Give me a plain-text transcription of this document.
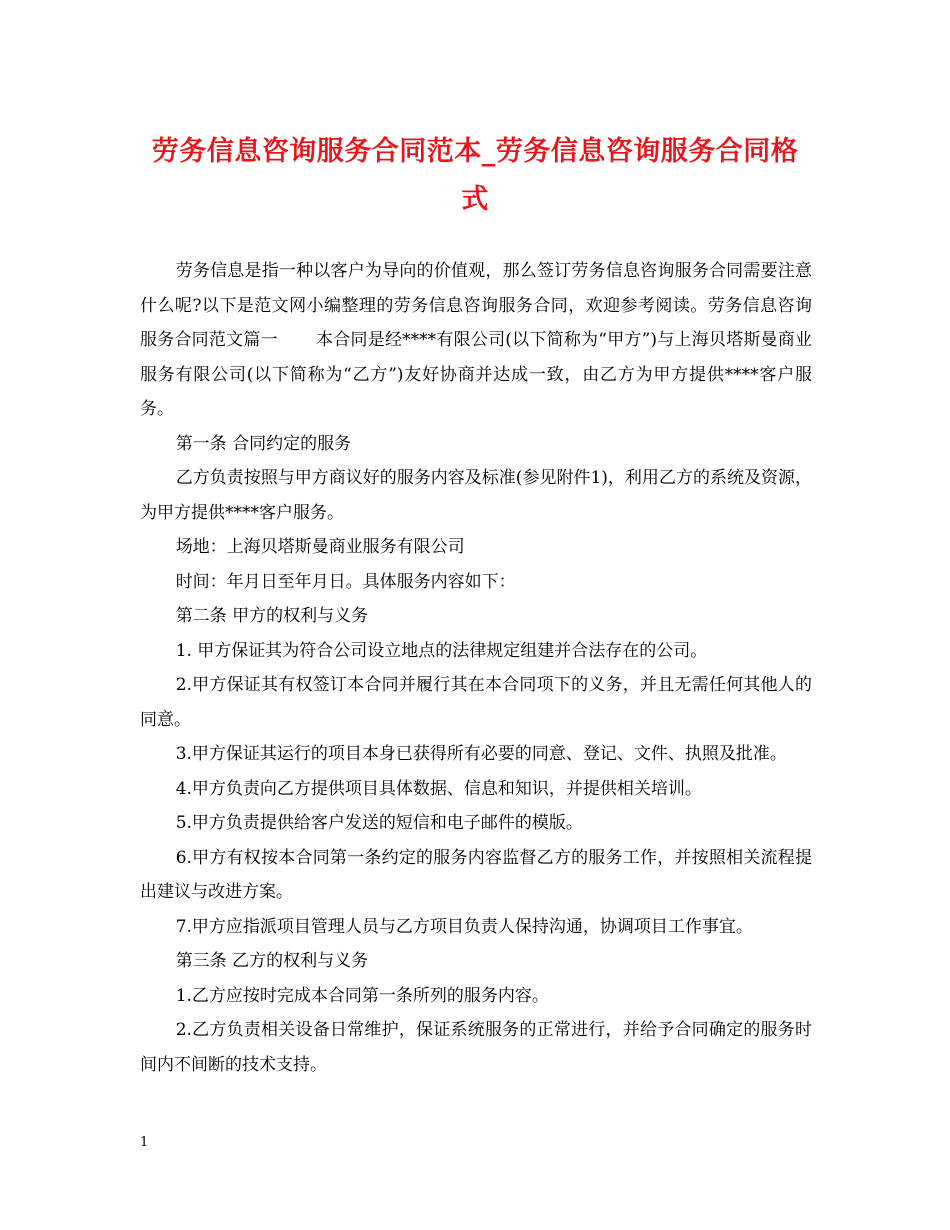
劳务信息咨询服务合同范本_劳务信息咨询服务合同格式

劳务信息是指一种以客户为导向的价值观，那么签订劳务信息咨询服务合同需要注意什么呢?以下是范文网小编整理的劳务信息咨询服务合同，欢迎参考阅读。劳务信息咨询服务合同范文篇一 本合同是经****有限公司(以下简称为“甲方”)与上海贝塔斯曼商业服务有限公司(以下简称为“乙方”)友好协商并达成一致，由乙方为甲方提供****客户服务。

第一条 合同约定的服务

乙方负责按照与甲方商议好的服务内容及标准(参见附件1)，利用乙方的系统及资源，为甲方提供****客户服务。

场地：上海贝塔斯曼商业服务有限公司

时间：年月日至年月日。具体服务内容如下：

第二条 甲方的权利与义务

1. 甲方保证其为符合公司设立地点的法律规定组建并合法存在的公司。

2.甲方保证其有权签订本合同并履行其在本合同项下的义务，并且无需任何其他人的同意。

3.甲方保证其运行的项目本身已获得所有必要的同意、登记、文件、执照及批准。

4.甲方负责向乙方提供项目具体数据、信息和知识，并提供相关培训。

5.甲方负责提供给客户发送的短信和电子邮件的模版。

6.甲方有权按本合同第一条约定的服务内容监督乙方的服务工作，并按照相关流程提出建议与改进方案。

7.甲方应指派项目管理人员与乙方项目负责人保持沟通，协调项目工作事宜。

第三条 乙方的权利与义务

1.乙方应按时完成本合同第一条所列的服务内容。

2.乙方负责相关设备日常维护，保证系统服务的正常进行，并给予合同确定的服务时间内不间断的技术支持。

1
